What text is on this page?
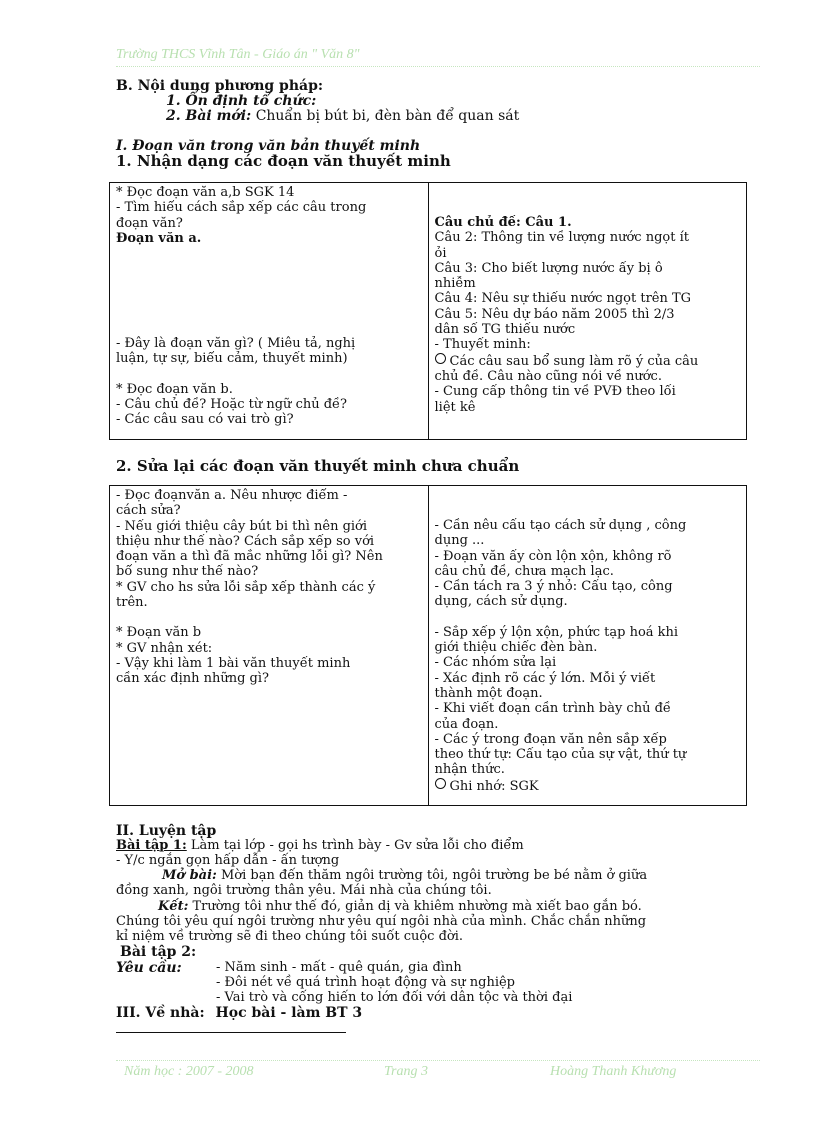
Trường THCS Vĩnh Tân - Giáo án " Văn 8"
B. Nội dung phương pháp:
1. Ổn định tổ chức:
2. Bài mới: Chuẩn bị bút bi, đèn bàn để quan sát
I. Đoạn văn trong văn bản thuyết minh
1. Nhận dạng các đoạn văn thuyết minh
* Đọc đoạn văn a,b SGK 14
- Tìm hiểu cách sắp xếp các câu trong
đoạn văn?
Đoạn văn a.
- Đây là đoạn văn gì? ( Miêu tả, nghị
luận, tự sự, biểu cảm, thuyết minh)
* Đọc đoạn văn b.
- Câu chủ đề? Hoặc từ ngữ chủ đề?
- Các câu sau có vai trò gì?

Câu chủ đề: Câu 1.
Câu 2: Thông tin về lượng nước ngọt ít
ỏi
Câu 3: Cho biết lượng nước ấy bị ô
nhiễm
Câu 4: Nêu sự thiếu nước ngọt trên TG
Câu 5: Nêu dự báo năm 2005 thì 2/3
dân số TG thiếu nước
- Thuyết minh:
Các câu sau bổ sung làm rõ ý của câu
chủ đề. Câu nào cũng nói về nước.
- Cung cấp thông tin về PVĐ theo lối
liệt kê
2. Sửa lại các đoạn văn thuyết minh chưa chuẩn
- Đọc đoạnvăn a. Nêu nhược điểm -
cách sửa?
- Nếu giới thiệu cây bút bi thì nên giới
thiệu như thế nào? Cách sắp xếp so với
đoạn văn a thì đã mắc những lỗi gì? Nên
bổ sung như thế nào?
* GV cho hs sửa lỗi sắp xếp thành các ý
trên.
* Đoạn văn b
* GV nhận xét:
- Vậy khi làm 1 bài văn thuyết minh
cần xác định những gì?

- Cần nêu cấu tạo cách sử dụng , công
dụng ...
- Đoạn văn ấy còn lộn xộn, không rõ
câu chủ đề, chưa mạch lạc.
- Cần tách ra 3 ý nhỏ: Cấu tạo, công
dụng, cách sử dụng.
- Sắp xếp ý lộn xộn, phức tạp hoá khi
giới thiệu chiếc đèn bàn.
- Các nhóm sửa lại
- Xác định rõ các ý lớn. Mỗi ý viết
thành một đoạn.
- Khi viết đoạn cần trình bày chủ đề
của đoạn.
- Các ý trong đoạn văn nên sắp xếp
theo thứ tự: Cấu tạo của sự vật, thứ tự
nhận thức.
Ghi nhớ: SGK
II. Luyện tập
Bài tập 1: Làm tại lớp - gọi hs trình bày - Gv sửa lỗi cho điểm
- Y/c ngắn gọn hấp dẫn - ấn tượng
Mở bài: Mời bạn đến thăm ngôi trường tôi, ngôi trường be bé nằm ở giữa
đồng xanh, ngôi trường thân yêu. Mái nhà của chúng tôi.
Kết: Trường tôi như thế đó, giản dị và khiêm nhường mà xiết bao gắn bó.
Chúng tôi yêu quí ngôi trường như yêu quí ngôi nhà của mình. Chắc chắn những
kỉ niệm về trường sẽ đi theo chúng tôi suốt cuộc đời.
Bài tập 2:
Yêu cầu:	- Năm sinh - mất - quê quán, gia đình
- Đôi nét về quá trình hoạt động và sự nghiệp
- Vai trò và cống hiến to lớn đối với dân tộc và thời đại
III. Về nhà: Học bài - làm BT 3
Năm học : 2007 - 2008	Trang 3	Hoàng Thanh Khương
